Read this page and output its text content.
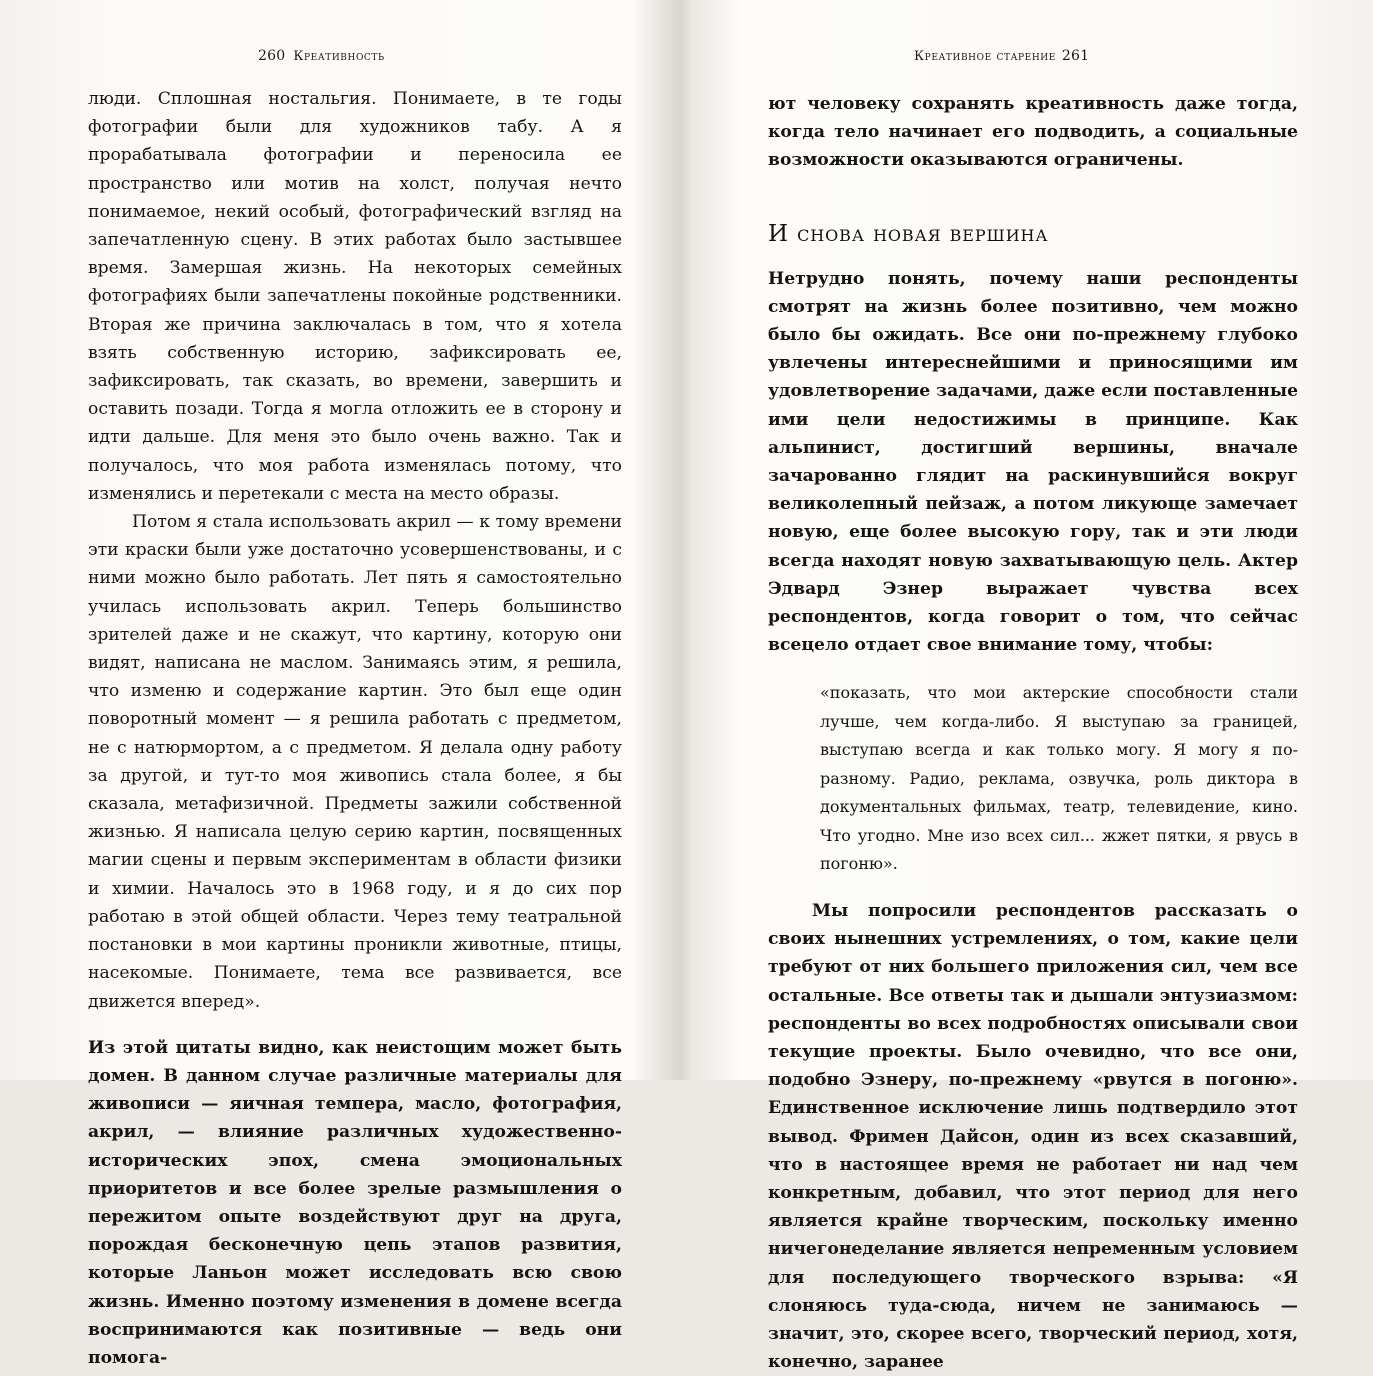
260 Креативность

люди. Сплошная ностальгия. Понимаете, в те годы фотографии были для художников табу. А я прорабатывала фотографии и переносила ее пространство или мотив на холст, получая нечто понимаемое, некий особый, фотографический взгляд на запечатленную сцену. В этих работах было застывшее время. Замершая жизнь. На некоторых семейных фотографиях были запечатлены покойные родственники. Вторая же причина заключалась в том, что я хотела взять собственную историю, зафиксировать ее, зафиксировать, так сказать, во времени, завершить и оставить позади. Тогда я могла отложить ее в сторону и идти дальше. Для меня это было очень важно. Так и получалось, что моя работа изменялась потому, что изменялись и перетекали с места на место образы.

Потом я стала использовать акрил — к тому времени эти краски были уже достаточно усовершенствованы, и с ними можно было работать. Лет пять я самостоятельно училась использовать акрил. Теперь большинство зрителей даже и не скажут, что картину, которую они видят, написана не маслом. Занимаясь этим, я решила, что изменю и содержание картин. Это был еще один поворотный момент — я решила работать с предметом, не с натюрмортом, а с предметом. Я делала одну работу за другой, и тут-то моя живопись стала более, я бы сказала, метафизичной. Предметы зажили собственной жизнью. Я написала целую серию картин, посвященных магии сцены и первым экспериментам в области физики и химии. Началось это в 1968 году, и я до сих пор работаю в этой общей области. Через тему театральной постановки в мои картины проникли животные, птицы, насекомые. Понимаете, тема все развивается, все движется вперед».

Из этой цитаты видно, как неистощим может быть домен. В данном случае различные материалы для живописи — яичная темпера, масло, фотография, акрил, — влияние различных художественно-исторических эпох, смена эмоциональных приоритетов и все более зрелые размышления о пережитом опыте воздействуют друг на друга, порождая бесконечную цепь этапов развития, которые Ланьон может исследовать всю свою жизнь. Именно поэтому изменения в домене всегда воспринимаются как позитивные — ведь они помога-

Креативное старение 261

ют человеку сохранять креативность даже тогда, когда тело начинает его подводить, а социальные возможности оказываются ограничены.

И снова новая вершина

Нетрудно понять, почему наши респонденты смотрят на жизнь более позитивно, чем можно было бы ожидать. Все они по-прежнему глубоко увлечены интереснейшими и приносящими им удовлетворение задачами, даже если поставленные ими цели недостижимы в принципе. Как альпинист, достигший вершины, вначале зачарованно глядит на раскинувшийся вокруг великолепный пейзаж, а потом ликующе замечает новую, еще более высокую гору, так и эти люди всегда находят новую захватывающую цель. Актер Эдвард Эзнер выражает чувства всех респондентов, когда говорит о том, что сейчас всецело отдает свое внимание тому, чтобы:

«показать, что мои актерские способности стали лучше, чем когда-либо. Я выступаю за границей, выступаю всегда и как только могу. Я могу я по-разному. Радио, реклама, озвучка, роль диктора в документальных фильмах, театр, телевидение, кино. Что угодно. Мне изо всех сил... жжет пятки, я рвусь в погоню».

Мы попросили респондентов рассказать о своих нынешних устремлениях, о том, какие цели требуют от них большего приложения сил, чем все остальные. Все ответы так и дышали энтузиазмом: респонденты во всех подробностях описывали свои текущие проекты. Было очевидно, что все они, подобно Эзнеру, по-прежнему «рвутся в погоню». Единственное исключение лишь подтвердило этот вывод. Фримен Дайсон, один из всех сказавший, что в настоящее время не работает ни над чем конкретным, добавил, что этот период для него является крайне творческим, поскольку именно ничегонеделание является непременным условием для последующего творческого взрыва: «Я слоняюсь туда-сюда, ничем не занимаюсь — значит, это, скорее всего, творческий период, хотя, конечно, заранее
